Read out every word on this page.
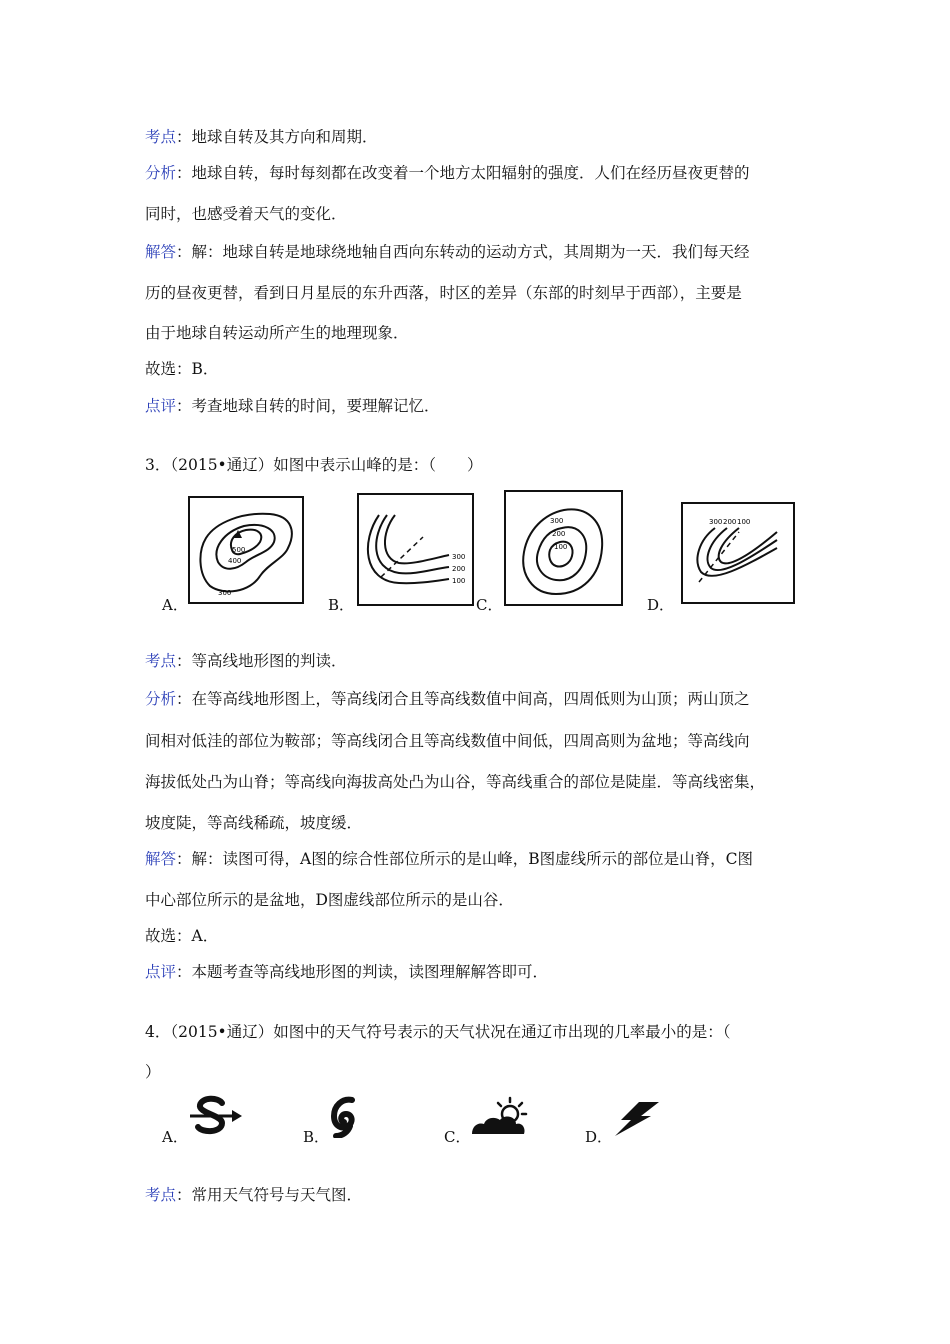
考点：地球自转及其方向和周期．
分析：地球自转，每时每刻都在改变着一个地方太阳辐射的强度．人们在经历昼夜更替的
同时，也感受着天气的变化．
解答：解：地球自转是地球绕地轴自西向东转动的运动方式，其周期为一天．我们每天经
历的昼夜更替，看到日月星辰的东升西落，时区的差异（东部的时刻早于西部），主要是
由于地球自转运动所产生的地理现象．
故选：B．
点评：考查地球自转的时间，要理解记忆．
3．（2015•通辽）如图中表示山峰的是：（　　）
500
400
300
A．
300
200
100
B．
300
200
100
C．
300 200 100
D．
考点：等高线地形图的判读．
分析：在等高线地形图上，等高线闭合且等高线数值中间高，四周低则为山顶；两山顶之
间相对低洼的部位为鞍部；等高线闭合且等高线数值中间低，四周高则为盆地；等高线向
海拔低处凸为山脊；等高线向海拔高处凸为山谷，等高线重合的部位是陡崖．等高线密集，
坡度陡，等高线稀疏，坡度缓．
解答：解：读图可得，A图的综合性部位所示的是山峰，B图虚线所示的部位是山脊，C图
中心部位所示的是盆地，D图虚线部位所示的是山谷．
故选：A．
点评：本题考查等高线地形图的判读，读图理解解答即可．
4．（2015•通辽）如图中的天气符号表示的天气状况在通辽市出现的几率最小的是：（
）
A．	B．	C．	D．
考点：常用天气符号与天气图．
